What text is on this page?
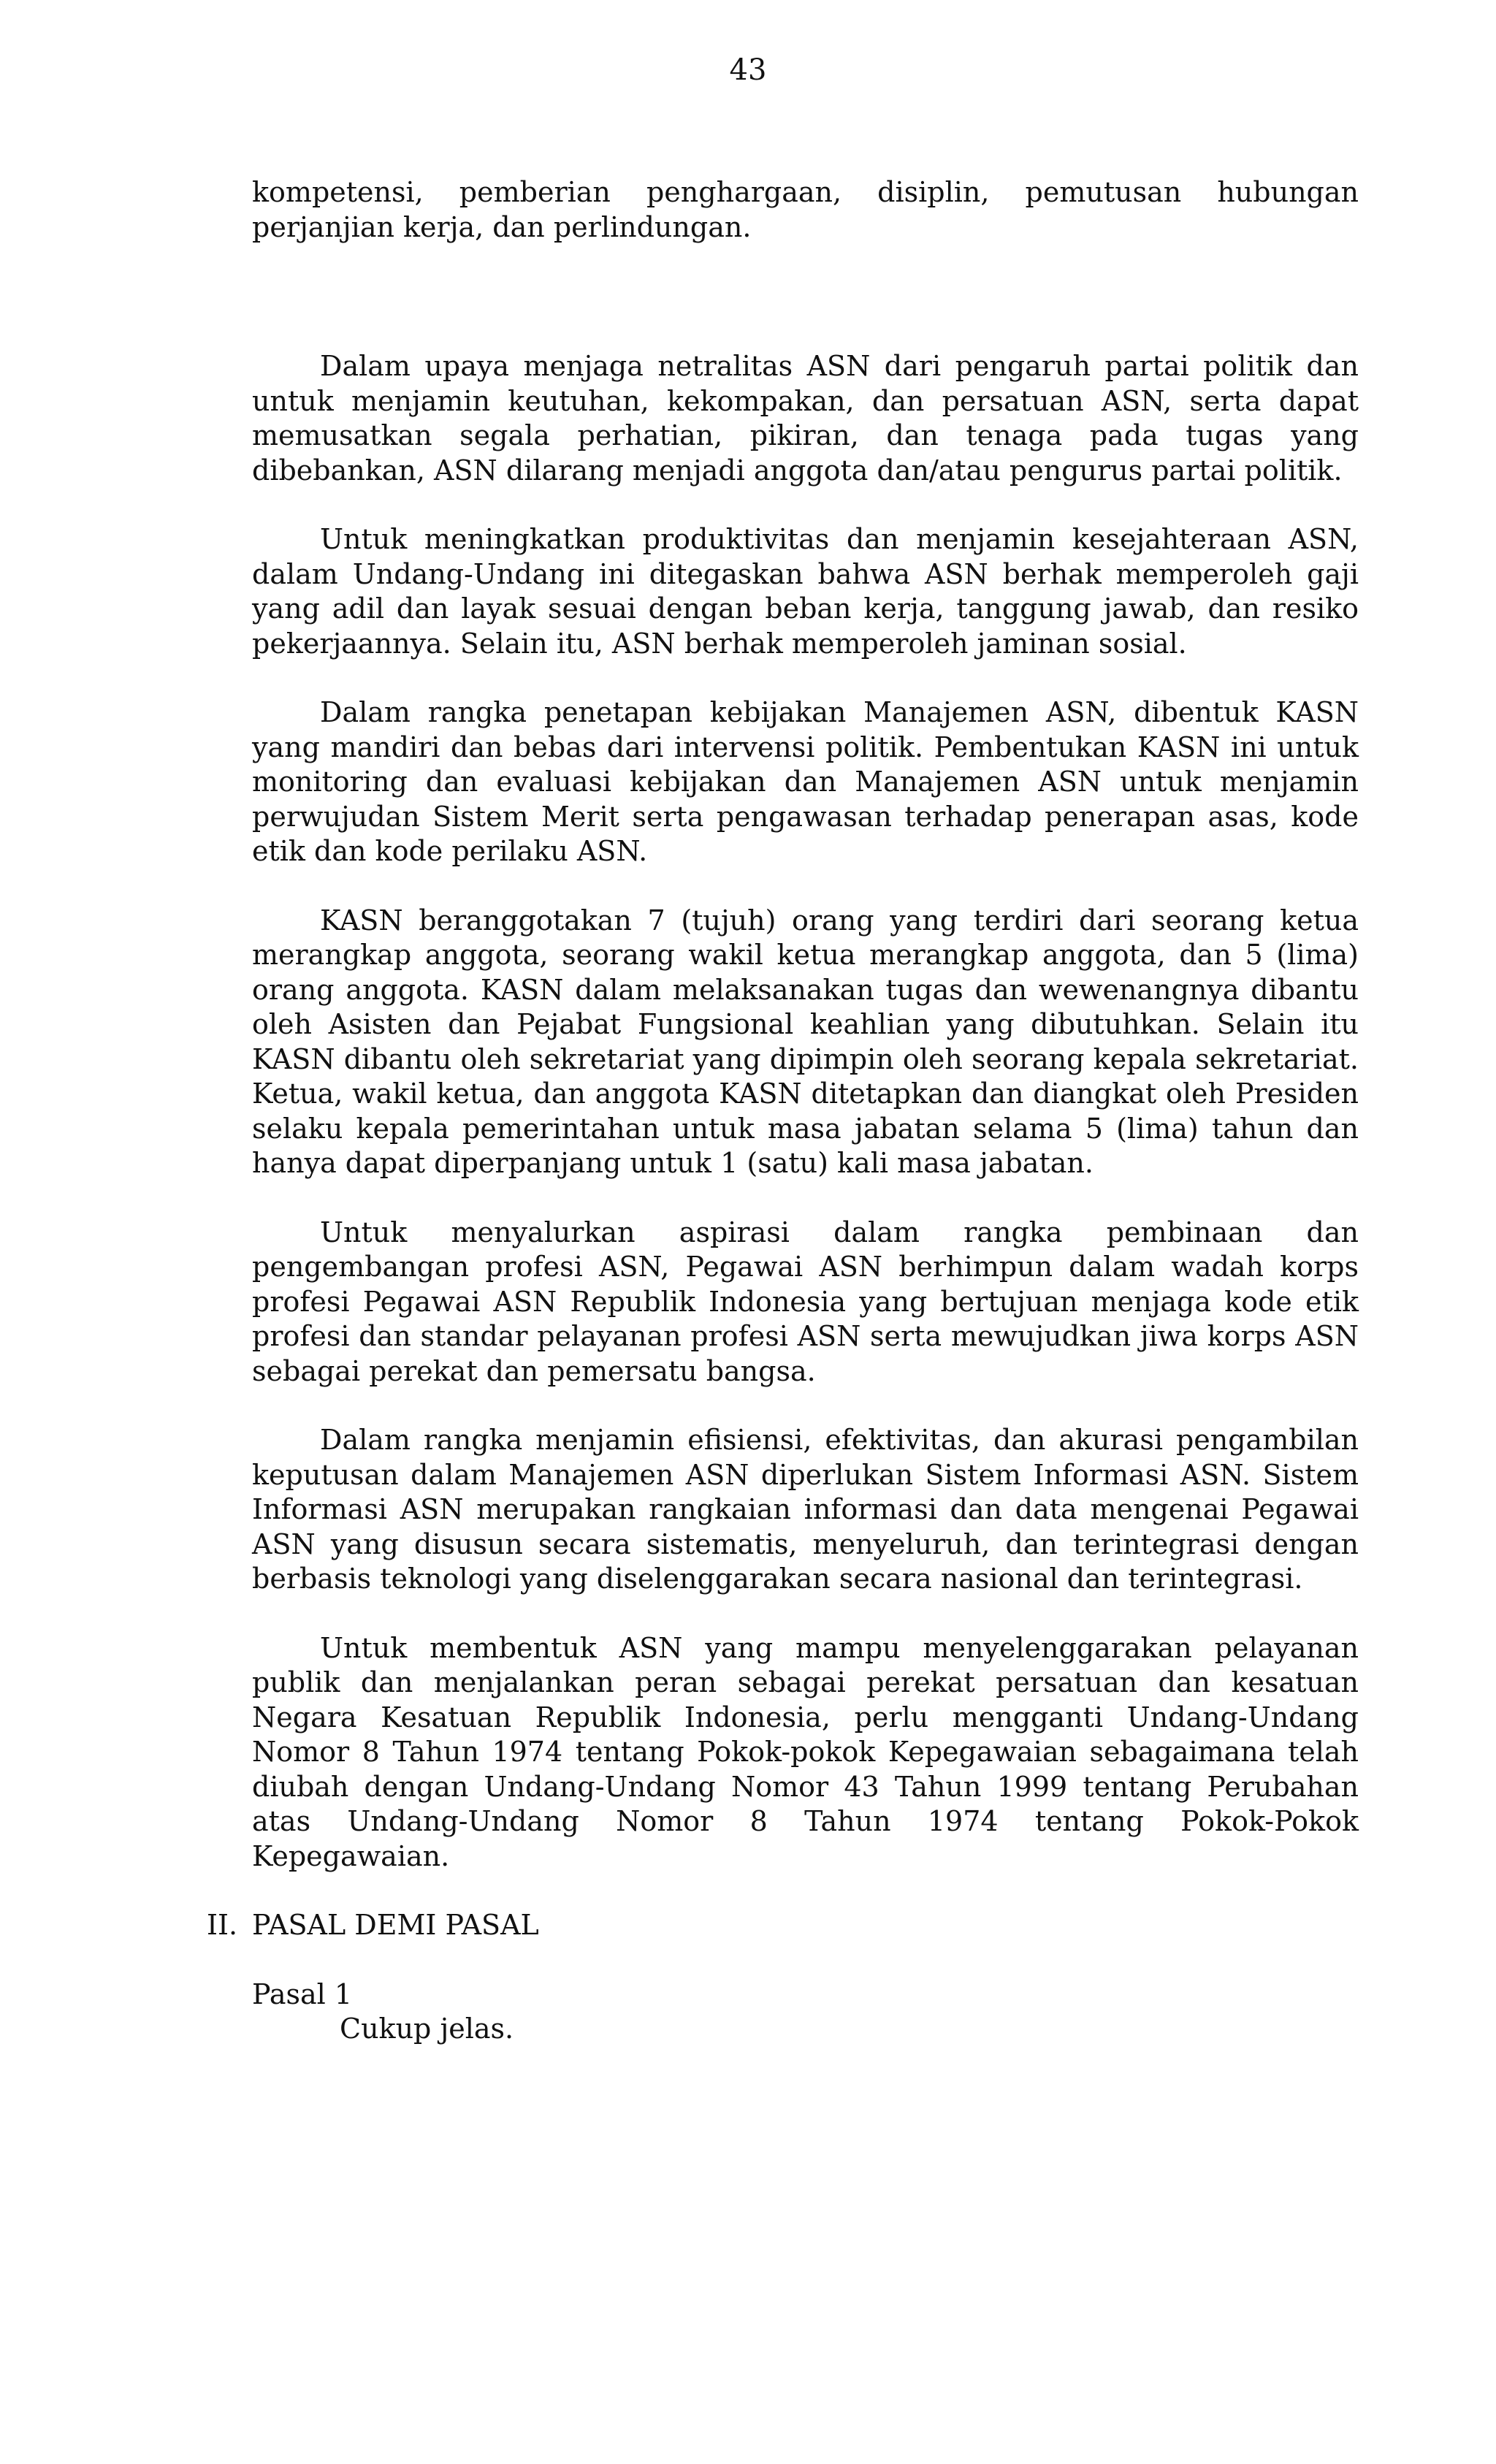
43

kompetensi, pemberian penghargaan, disiplin, pemutusan hubungan perjanjian kerja, dan perlindungan.

Dalam upaya menjaga netralitas ASN dari pengaruh partai politik dan untuk menjamin keutuhan, kekompakan, dan persatuan ASN, serta dapat memusatkan segala perhatian, pikiran, dan tenaga pada tugas yang dibebankan, ASN dilarang menjadi anggota dan/atau pengurus partai politik.

Untuk meningkatkan produktivitas dan menjamin kesejahteraan ASN, dalam Undang-Undang ini ditegaskan bahwa ASN berhak memperoleh gaji yang adil dan layak sesuai dengan beban kerja, tanggung jawab, dan resiko pekerjaannya. Selain itu, ASN berhak memperoleh jaminan sosial.

Dalam rangka penetapan kebijakan Manajemen ASN, dibentuk KASN yang mandiri dan bebas dari intervensi politik. Pembentukan KASN ini untuk monitoring dan evaluasi kebijakan dan Manajemen ASN untuk menjamin perwujudan Sistem Merit serta pengawasan terhadap penerapan asas, kode etik dan kode perilaku ASN.

KASN beranggotakan 7 (tujuh) orang yang terdiri dari seorang ketua merangkap anggota, seorang wakil ketua merangkap anggota, dan 5 (lima) orang anggota. KASN dalam melaksanakan tugas dan wewenangnya dibantu oleh Asisten dan Pejabat Fungsional keahlian yang dibutuhkan. Selain itu KASN dibantu oleh sekretariat yang dipimpin oleh seorang kepala sekretariat. Ketua, wakil ketua, dan anggota KASN ditetapkan dan diangkat oleh Presiden selaku kepala pemerintahan untuk masa jabatan selama 5 (lima) tahun dan hanya dapat diperpanjang untuk 1 (satu) kali masa jabatan.

Untuk menyalurkan aspirasi dalam rangka pembinaan dan pengembangan profesi ASN, Pegawai ASN berhimpun dalam wadah korps profesi Pegawai ASN Republik Indonesia yang bertujuan menjaga kode etik profesi dan standar pelayanan profesi ASN serta mewujudkan jiwa korps ASN sebagai perekat dan pemersatu bangsa.

Dalam rangka menjamin efisiensi, efektivitas, dan akurasi pengambilan keputusan dalam Manajemen ASN diperlukan Sistem Informasi ASN. Sistem Informasi ASN merupakan rangkaian informasi dan data mengenai Pegawai ASN yang disusun secara sistematis, menyeluruh, dan terintegrasi dengan berbasis teknologi yang diselenggarakan secara nasional dan terintegrasi.

Untuk membentuk ASN yang mampu menyelenggarakan pelayanan publik dan menjalankan peran sebagai perekat persatuan dan kesatuan Negara Kesatuan Republik Indonesia, perlu mengganti Undang-Undang Nomor 8 Tahun 1974 tentang Pokok-pokok Kepegawaian sebagaimana telah diubah dengan Undang-Undang Nomor 43 Tahun 1999 tentang Perubahan atas Undang-Undang Nomor 8 Tahun 1974 tentang Pokok-Pokok Kepegawaian.

II. PASAL DEMI PASAL

Pasal 1

Cukup jelas.
